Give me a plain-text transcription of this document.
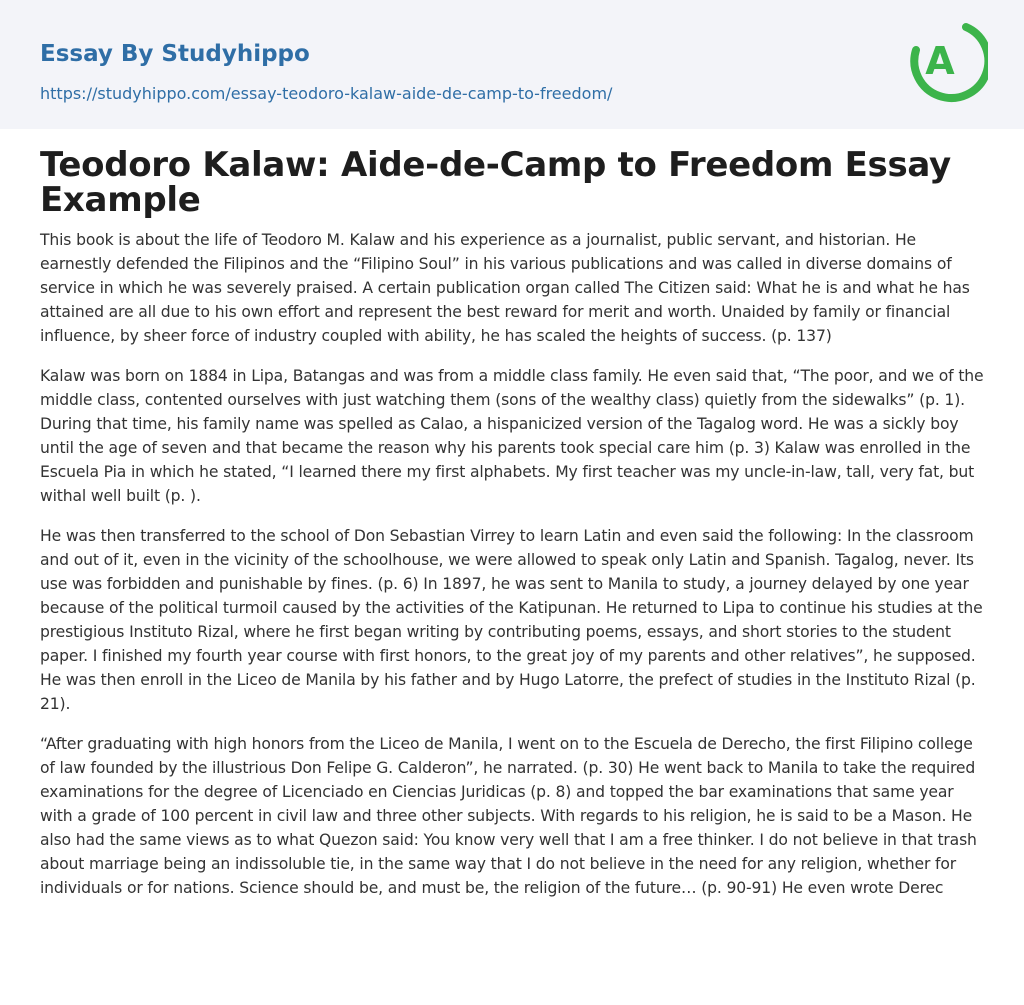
Essay By Studyhippo
https://studyhippo.com/essay-teodoro-kalaw-aide-de-camp-to-freedom/
A
Teodoro Kalaw: Aide-de-Camp to Freedom Essay Example

This book is about the life of Teodoro M. Kalaw and his experience as a journalist, public servant, and historian. He earnestly defended the Filipinos and the “Filipino Soul” in his various publications and was called in diverse domains of service in which he was severely praised. A certain publication organ called The Citizen said: What he is and what he has attained are all due to his own effort and represent the best reward for merit and worth. Unaided by family or financial influence, by sheer force of industry coupled with ability, he has scaled the heights of success. (p. 137)

Kalaw was born on 1884 in Lipa, Batangas and was from a middle class family. He even said that, “The poor, and we of the middle class, contented ourselves with just watching them (sons of the wealthy class) quietly from the sidewalks” (p. 1). During that time, his family name was spelled as Calao, a hispanicized version of the Tagalog word. He was a sickly boy until the age of seven and that became the reason why his parents took special care him (p. 3) Kalaw was enrolled in the Escuela Pia in which he stated, “I learned there my first alphabets. My first teacher was my uncle-in-law, tall, very fat, but withal well built (p. ).

He was then transferred to the school of Don Sebastian Virrey to learn Latin and even said the following: In the classroom and out of it, even in the vicinity of the schoolhouse, we were allowed to speak only Latin and Spanish. Tagalog, never. Its use was forbidden and punishable by fines. (p. 6) In 1897, he was sent to Manila to study, a journey delayed by one year because of the political turmoil caused by the activities of the Katipunan. He returned to Lipa to continue his studies at the prestigious Instituto Rizal, where he first began writing by contributing poems, essays, and short stories to the student paper. I finished my fourth year course with first honors, to the great joy of my parents and other relatives”, he supposed. He was then enroll in the Liceo de Manila by his father and by Hugo Latorre, the prefect of studies in the Instituto Rizal (p. 21).

“After graduating with high honors from the Liceo de Manila, I went on to the Escuela de Derecho, the first Filipino college of law founded by the illustrious Don Felipe G. Calderon”, he narrated. (p. 30) He went back to Manila to take the required examinations for the degree of Licenciado en Ciencias Juridicas (p. 8) and topped the bar examinations that same year with a grade of 100 percent in civil law and three other subjects. With regards to his religion, he is said to be a Mason. He also had the same views as to what Quezon said: You know very well that I am a free thinker. I do not believe in that trash about marriage being an indissoluble tie, in the same way that I do not believe in the need for any religion, whether for individuals or for nations. Science should be, and must be, the religion of the future… (p. 90-91) He even wrote Derec
